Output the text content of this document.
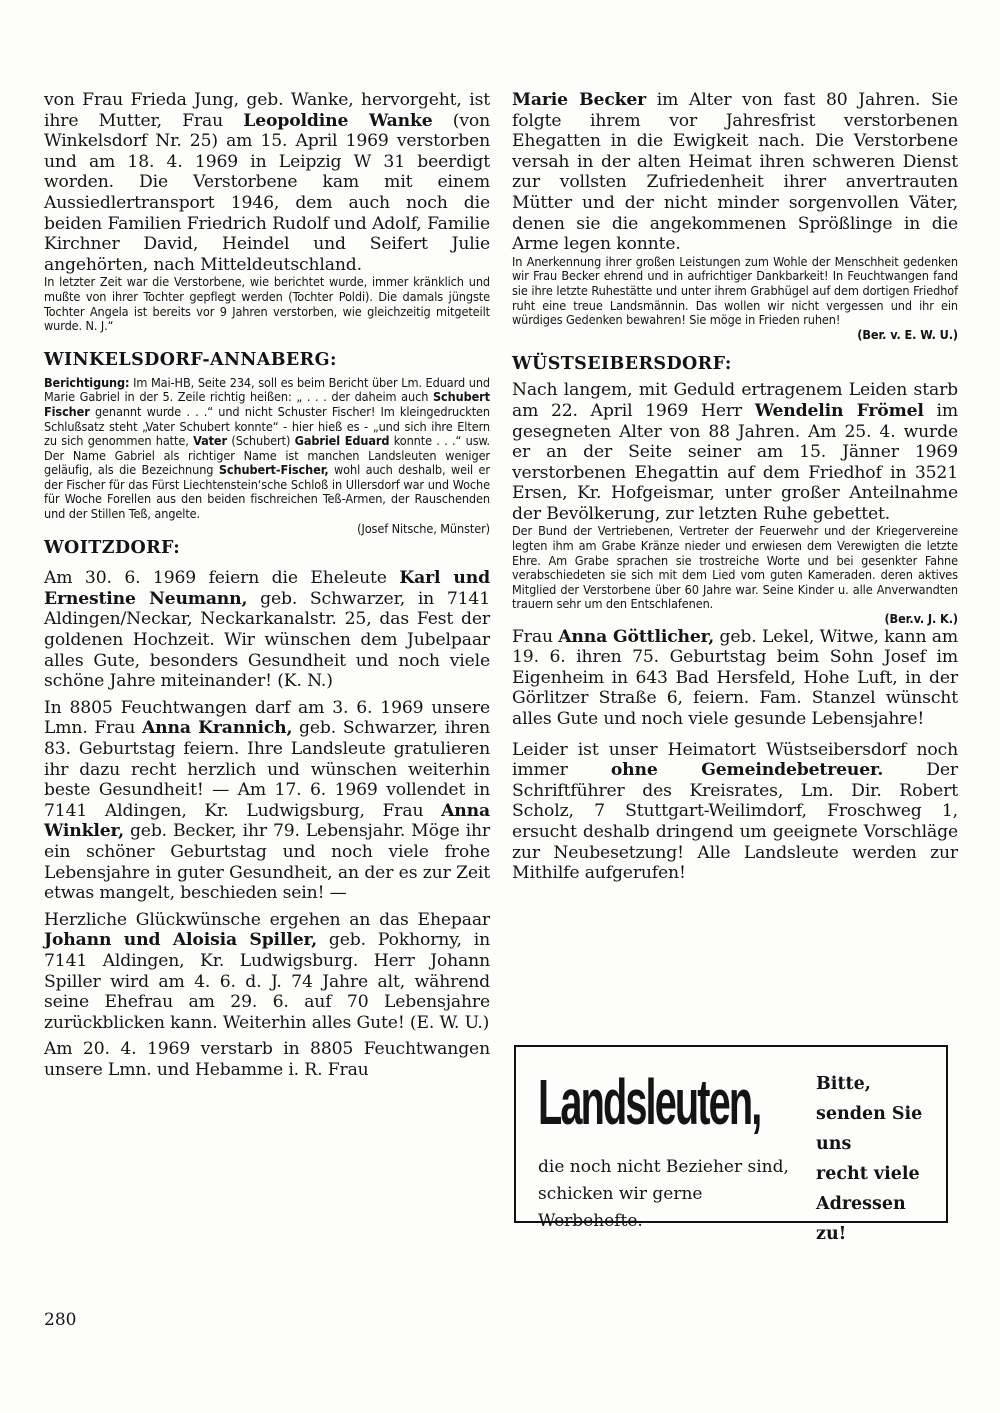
von Frau Frieda Jung, geb. Wanke, hervorgeht, ist ihre Mutter, Frau Leopoldine Wanke (von Winkelsdorf Nr. 25) am 15. April 1969 verstorben und am 18. 4. 1969 in Leipzig W 31 beerdigt worden. Die Verstorbene kam mit einem Aussiedlertransport 1946, dem auch noch die beiden Familien Friedrich Rudolf und Adolf, Familie Kirchner David, Heindel und Seifert Julie angehörten, nach Mitteldeutschland.

In letzter Zeit war die Verstorbene, wie berichtet wurde, immer kränklich und mußte von ihrer Tochter gepflegt werden (Tochter Poldi). Die damals jüngste Tochter Angela ist bereits vor 9 Jahren verstorben, wie gleichzeitig mitgeteilt wurde. N. J.“

WINKELSDORF-ANNABERG:

Berichtigung: Im Mai-HB, Seite 234, soll es beim Bericht über Lm. Eduard und Marie Gabriel in der 5. Zeile richtig heißen: „ . . . der daheim auch Schubert Fischer genannt wurde . . .“ und nicht Schuster Fischer! Im kleingedruckten Schlußsatz steht „Vater Schubert konnte“ - hier hieß es - „und sich ihre Eltern zu sich genommen hatte, Vater (Schubert) Gabriel Eduard konnte . . .“ usw. Der Name Gabriel als richtiger Name ist manchen Landsleuten weniger geläufig, als die Bezeichnung Schubert-Fischer, wohl auch deshalb, weil er der Fischer für das Fürst Liechtenstein‘sche Schloß in Ullersdorf war und Woche für Woche Forellen aus den beiden fischreichen Teß-Armen, der Rauschenden und der Stillen Teß, angelte.
(Josef Nitsche, Münster)

WOITZDORF:

Am 30. 6. 1969 feiern die Eheleute Karl und Ernestine Neumann, geb. Schwarzer, in 7141 Aldingen/Neckar, Neckarkanalstr. 25, das Fest der goldenen Hochzeit. Wir wünschen dem Jubelpaar alles Gute, besonders Gesundheit und noch viele schöne Jahre miteinander! (K. N.)

In 8805 Feuchtwangen darf am 3. 6. 1969 unsere Lmn. Frau Anna Krannich, geb. Schwarzer, ihren 83. Geburtstag feiern. Ihre Landsleute gratulieren ihr dazu recht herzlich und wünschen weiterhin beste Gesundheit! — Am 17. 6. 1969 vollendet in 7141 Aldingen, Kr. Ludwigsburg, Frau Anna Winkler, geb. Becker, ihr 79. Lebensjahr. Möge ihr ein schöner Geburtstag und noch viele frohe Lebensjahre in guter Gesundheit, an der es zur Zeit etwas mangelt, beschieden sein! —

Herzliche Glückwünsche ergehen an das Ehepaar Johann und Aloisia Spiller, geb. Pokhorny, in 7141 Aldingen, Kr. Ludwigsburg. Herr Johann Spiller wird am 4. 6. d. J. 74 Jahre alt, während seine Ehefrau am 29. 6. auf 70 Lebensjahre zurückblicken kann. Weiterhin alles Gute! (E. W. U.)

Am 20. 4. 1969 verstarb in 8805 Feuchtwangen unsere Lmn. und Hebamme i. R. Frau

280

Marie Becker im Alter von fast 80 Jahren. Sie folgte ihrem vor Jahresfrist verstorbenen Ehegatten in die Ewigkeit nach. Die Verstorbene versah in der alten Heimat ihren schweren Dienst zur vollsten Zufriedenheit ihrer anvertrauten Mütter und der nicht minder sorgenvollen Väter, denen sie die angekommenen Sprößlinge in die Arme legen konnte.

In Anerkennung ihrer großen Leistungen zum Wohle der Menschheit gedenken wir Frau Becker ehrend und in aufrichtiger Dankbarkeit! In Feuchtwangen fand sie ihre letzte Ruhestätte und unter ihrem Grabhügel auf dem dortigen Friedhof ruht eine treue Landsmännin. Das wollen wir nicht vergessen und ihr ein würdiges Gedenken bewahren! Sie möge in Frieden ruhen!
(Ber. v. E. W. U.)

WÜSTSEIBERSDORF:

Nach langem, mit Geduld ertragenem Leiden starb am 22. April 1969 Herr Wendelin Frömel im gesegneten Alter von 88 Jahren. Am 25. 4. wurde er an der Seite seiner am 15. Jänner 1969 verstorbenen Ehegattin auf dem Friedhof in 3521 Ersen, Kr. Hofgeismar, unter großer Anteilnahme der Bevölkerung, zur letzten Ruhe gebettet.

Der Bund der Vertriebenen, Vertreter der Feuerwehr und der Kriegervereine legten ihm am Grabe Kränze nieder und erwiesen dem Verewigten die letzte Ehre. Am Grabe sprachen sie trostreiche Worte und bei gesenkter Fahne verabschiedeten sie sich mit dem Lied vom guten Kameraden. deren aktives Mitglied der Verstorbene über 60 Jahre war. Seine Kinder u. alle Anverwandten trauern sehr um den Entschlafenen.
(Ber.v. J. K.)

Frau Anna Göttlicher, geb. Lekel, Witwe, kann am 19. 6. ihren 75. Geburtstag beim Sohn Josef im Eigenheim in 643 Bad Hersfeld, Hohe Luft, in der Görlitzer Straße 6, feiern. Fam. Stanzel wünscht alles Gute und noch viele gesunde Lebensjahre!

Leider ist unser Heimatort Wüstseibersdorf noch immer ohne Gemeindebetreuer. Der Schriftführer des Kreisrates, Lm. Dir. Robert Scholz, 7 Stuttgart-Weilimdorf, Froschweg 1, ersucht deshalb dringend um geeignete Vorschläge zur Neubesetzung! Alle Landsleute werden zur Mithilfe aufgerufen!

Landsleuten,
die noch nicht Bezieher sind, schicken wir gerne Werbehefte.
Bitte,
senden Sie
uns
recht viele
Adressen
zu!
